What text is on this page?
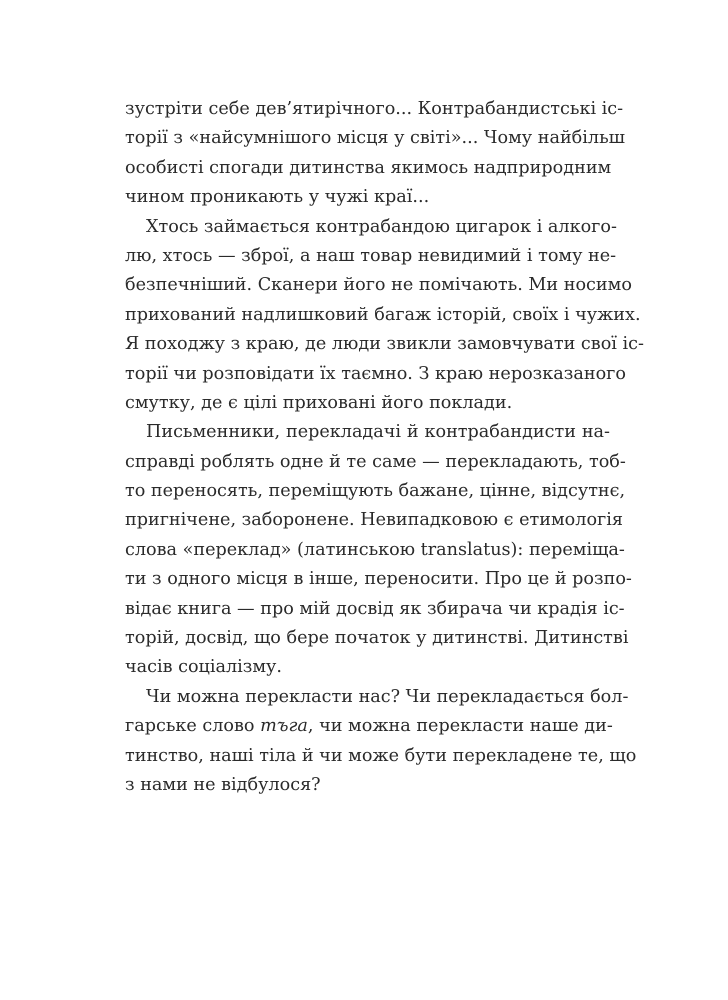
зустріти себе дев’ятирічного... Контрабандистські іс-
торії з «найсумнішого місця у світі»... Чому найбільш
особисті спогади дитинства якимось надприродним
чином проникають у чужі краї...
Хтось займається контрабандою цигарок і алкого-
лю, хтось — зброї, а наш товар невидимий і тому не-
безпечніший. Сканери його не помічають. Ми носимо
прихований надлишковий багаж історій, своїх і чужих.
Я походжу з краю, де люди звикли замовчувати свої іс-
торії чи розповідати їх таємно. З краю нерозказаного
смутку, де є цілі приховані його поклади.
Письменники, перекладачі й контрабандисти на-
справді роблять одне й те саме — перекладають, тоб-
то переносять, переміщують бажане, цінне, відсутнє,
пригнічене, заборонене. Невипадковою є етимологія
слова «переклад» (латинською translatus): переміща-
ти з одного місця в інше, переносити. Про це й розпо-
відає книга — про мій досвід як збирача чи крадія іс-
торій, досвід, що бере початок у дитинстві. Дитинстві
часів соціалізму.
Чи можна перекласти нас? Чи перекладається бол-
гарське слово тъга, чи можна перекласти наше ди-
тинство, наші тіла й чи може бути перекладене те, що
з нами не відбулося?
